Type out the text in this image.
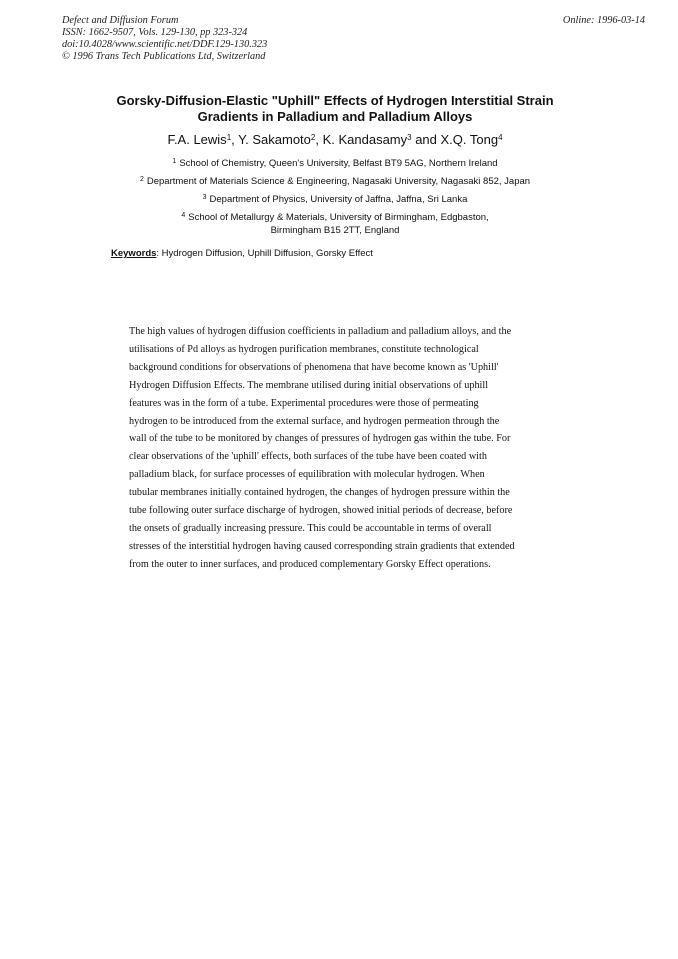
Defect and Diffusion Forum
ISSN: 1662-9507, Vols. 129-130, pp 323-324
doi:10.4028/www.scientific.net/DDF.129-130.323
© 1996 Trans Tech Publications Ltd, Switzerland
Online: 1996-03-14
Gorsky-Diffusion-Elastic "Uphill" Effects of Hydrogen Interstitial Strain
Gradients in Palladium and Palladium Alloys
F.A. Lewis$^1$, Y. Sakamoto$^2$, K. Kandasamy$^3$ and X.Q. Tong$^4$
$^1$ School of Chemistry, Queen's University, Belfast BT9 5AG, Northern Ireland
$^2$ Department of Materials Science & Engineering, Nagasaki University, Nagasaki 852, Japan
$^3$ Department of Physics, University of Jaffna, Jaffna, Sri Lanka
$^4$ School of Metallurgy & Materials, University of Birmingham, Edgbaston,
Birmingham B15 2TT, England
Keywords: Hydrogen Diffusion, Uphill Diffusion, Gorsky Effect
The high values of hydrogen diffusion coefficients in palladium and palladium alloys, and the
utilisations of Pd alloys as hydrogen purification membranes, constitute technological
background conditions for observations of phenomena that have become known as 'Uphill'
Hydrogen Diffusion Effects. The membrane utilised during initial observations of uphill
features was in the form of a tube. Experimental procedures were those of permeating
hydrogen to be introduced from the external surface, and hydrogen permeation through the
wall of the tube to be monitored by changes of pressures of hydrogen gas within the tube. For
clear observations of the 'uphill' effects, both surfaces of the tube have been coated with
palladium black, for surface processes of equilibration with molecular hydrogen. When
tubular membranes initially contained hydrogen, the changes of hydrogen pressure within the
tube following outer surface discharge of hydrogen, showed initial periods of decrease, before
the onsets of gradually increasing pressure. This could be accountable in terms of overall
stresses of the interstitial hydrogen having caused corresponding strain gradients that extended
from the outer to inner surfaces, and produced complementary Gorsky Effect operations.
